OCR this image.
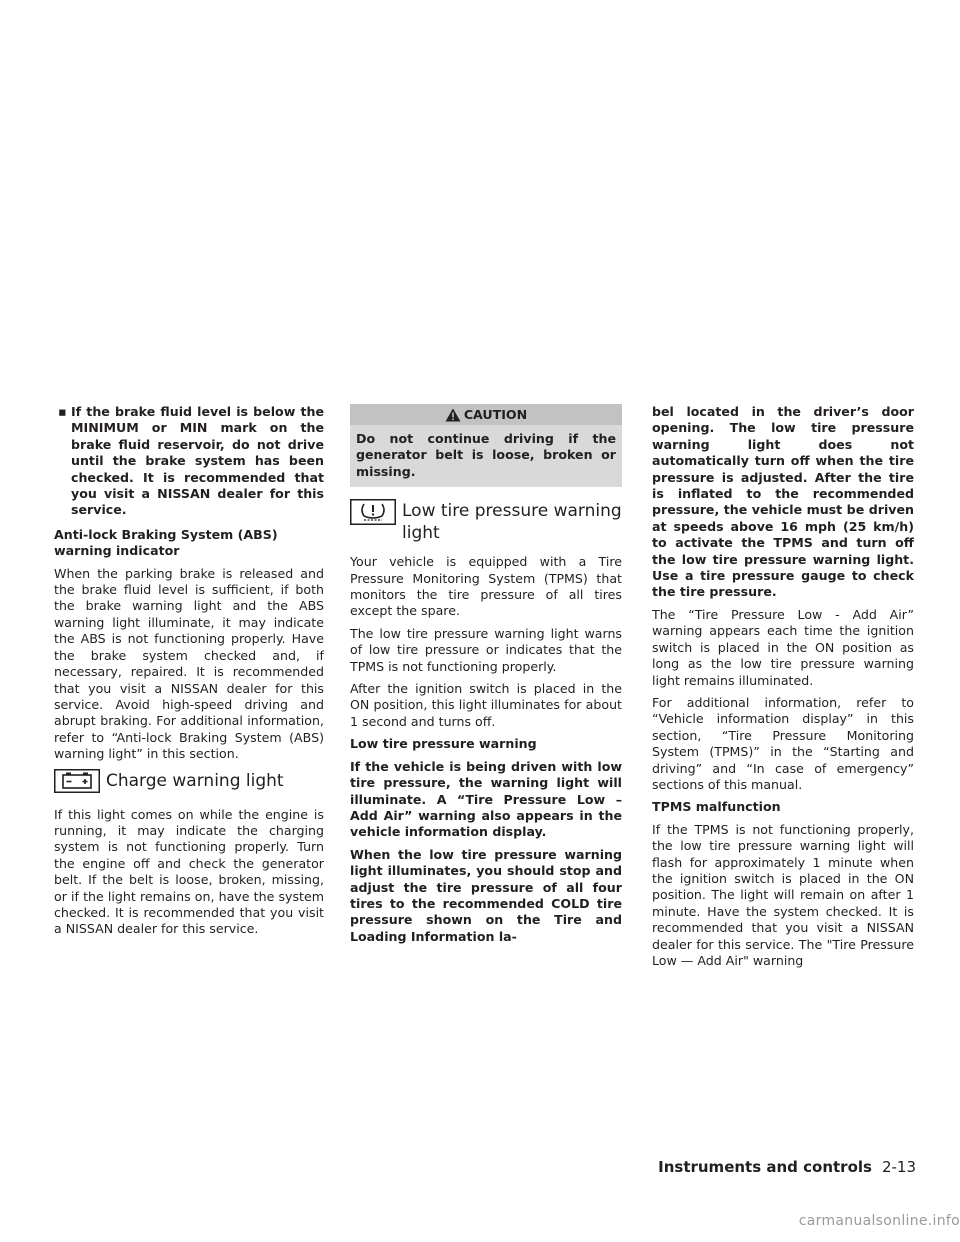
▪ If the brake fluid level is below the MINIMUM or MIN mark on the brake fluid reservoir, do not drive until the brake system has been checked. It is recommended that you visit a NISSAN dealer for this service.

Anti-lock Braking System (ABS) warning indicator

When the parking brake is released and the brake fluid level is sufficient, if both the brake warning light and the ABS warning light illuminate, it may indicate the ABS is not functioning properly. Have the brake system checked and, if necessary, repaired. It is recommended that you visit a NISSAN dealer for this service. Avoid high-speed driving and abrupt braking. For additional information, refer to “Anti-lock Braking System (ABS) warning light” in this section.

Charge warning light

If this light comes on while the engine is running, it may indicate the charging system is not functioning properly. Turn the engine off and check the generator belt. If the belt is loose, broken, missing, or if the light remains on, have the system checked. It is recommended that you visit a NISSAN dealer for this service.

CAUTION

Do not continue driving if the generator belt is loose, broken or missing.

Low tire pressure warning light

Your vehicle is equipped with a Tire Pressure Monitoring System (TPMS) that monitors the tire pressure of all tires except the spare.

The low tire pressure warning light warns of low tire pressure or indicates that the TPMS is not functioning properly.

After the ignition switch is placed in the ON position, this light illuminates for about 1 second and turns off.

Low tire pressure warning

If the vehicle is being driven with low tire pressure, the warning light will illuminate. A “Tire Pressure Low – Add Air” warning also appears in the vehicle information display.

When the low tire pressure warning light illuminates, you should stop and adjust the tire pressure of all four tires to the recommended COLD tire pressure shown on the Tire and Loading Information la-

bel located in the driver’s door opening. The low tire pressure warning light does not automatically turn off when the tire pressure is adjusted. After the tire is inflated to the recommended pressure, the vehicle must be driven at speeds above 16 mph (25 km/h) to activate the TPMS and turn off the low tire pressure warning light. Use a tire pressure gauge to check the tire pressure.

The “Tire Pressure Low - Add Air” warning appears each time the ignition switch is placed in the ON position as long as the low tire pressure warning light remains illuminated.

For additional information, refer to “Vehicle information display” in this section, “Tire Pressure Monitoring System (TPMS)” in the “Starting and driving” and “In case of emergency” sections of this manual.

TPMS malfunction

If the TPMS is not functioning properly, the low tire pressure warning light will flash for approximately 1 minute when the ignition switch is placed in the ON position. The light will remain on after 1 minute. Have the system checked. It is recommended that you visit a NISSAN dealer for this service. The "Tire Pressure Low — Add Air" warning

Instruments and controls 2-13
carmanualsonline.info
